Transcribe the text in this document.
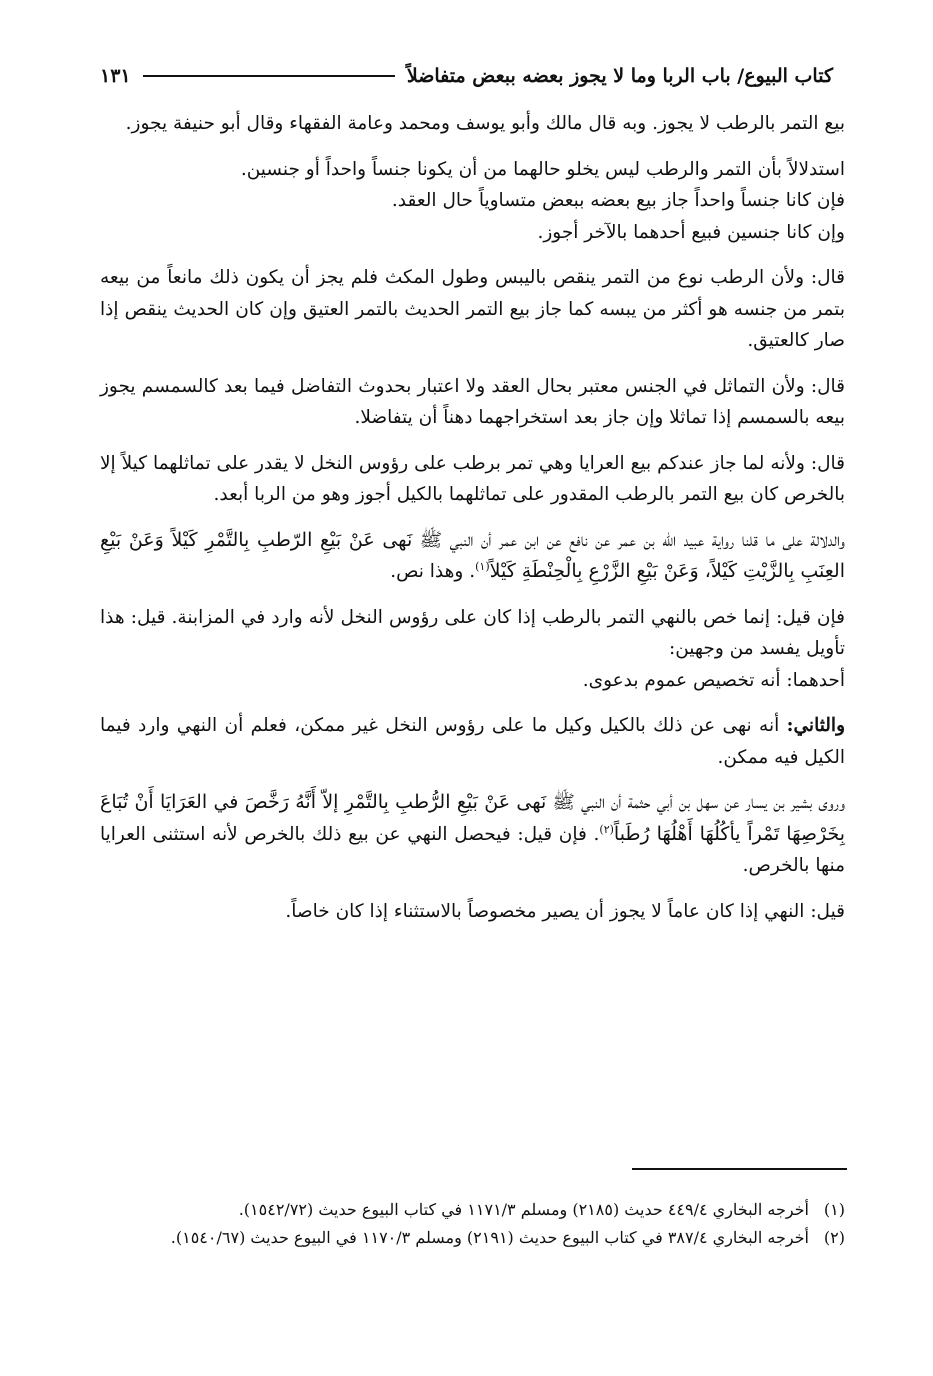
كتاب البيوع/ باب الربا وما لا يجوز بعضه ببعض متفاضلاً
١٣١

بيع التمر بالرطب لا يجوز. وبه قال مالك وأبو يوسف ومحمد وعامة الفقهاء وقال أبو حنيفة يجوز.

استدلالاً بأن التمر والرطب ليس يخلو حالهما من أن يكونا جنساً واحداً أو جنسين.

فإن كانا جنساً واحداً جاز بيع بعضه ببعض متساوياً حال العقد.

وإن كانا جنسين فبيع أحدهما بالآخر أجوز.

قال: ولأن الرطب نوع من التمر ينقص باليبس وطول المكث فلم يجز أن يكون ذلك مانعاً من بيعه بتمر من جنسه هو أكثر من يبسه كما جاز بيع التمر الحديث بالتمر العتيق وإن كان الحديث ينقص إذا صار كالعتيق.

قال: ولأن التماثل في الجنس معتبر بحال العقد ولا اعتبار بحدوث التفاضل فيما بعد كالسمسم يجوز بيعه بالسمسم إذا تماثلا وإن جاز بعد استخراجهما دهناً أن يتفاضلا.

قال: ولأنه لما جاز عندكم بيع العرايا وهي تمر برطب على رؤوس النخل لا يقدر على تماثلهما كيلاً إلا بالخرص كان بيع التمر بالرطب المقدور على تماثلهما بالكيل أجوز وهو من الربا أبعد.

والدلالة على ما قلنا رواية عبيد الله بن عمر عن نافع عن ابن عمر أن النبي ﷺ نَهى عَنْ بَيْعِ الرّطبِ بِالتَّمْرِ كَيْلاً وَعَنْ بَيْعِ العِنَبِ بِالزَّيْتِ كَيْلاً، وَعَنْ بَيْعِ الزَّرْعِ بِالْحِنْطَةِ كَيْلاً$^{(١)}$. وهذا نص.

فإن قيل: إنما خص بالنهي التمر بالرطب إذا كان على رؤوس النخل لأنه وارد في المزابنة. قيل: هذا تأويل يفسد من وجهين:

أحدهما: أنه تخصيص عموم بدعوى.

والثاني: أنه نهى عن ذلك بالكيل وكيل ما على رؤوس النخل غير ممكن، فعلم أن النهي وارد فيما الكيل فيه ممكن.

وروى بشير بن يسار عن سهل بن أبي حثمة أن النبي ﷺ نَهى عَنْ بَيْعِ الرُّطبِ بِالتَّمْرِ إلاّ أَنَّهُ رَخَّصَ في العَرَايَا أَنْ تُبَاعَ بِخَرْصِهَا تَمْراً يأكُلُهَا أَهْلُهَا رُطَباً$^{(٢)}$. فإن قيل: فيحصل النهي عن بيع ذلك بالخرص لأنه استثنى العرايا منها بالخرص.

قيل: النهي إذا كان عاماً لا يجوز أن يصير مخصوصاً بالاستثناء إذا كان خاصاً.

(١)
أخرجه البخاري ٤٤٩/٤ حديث (٢١٨٥) ومسلم ١١٧١/٣ في كتاب البيوع حديث (١٥٤٢/٧٢).
(٢)
أخرجه البخاري ٣٨٧/٤ في كتاب البيوع حديث (٢١٩١) ومسلم ١١٧٠/٣ في البيوع حديث (١٥٤٠/٦٧).
